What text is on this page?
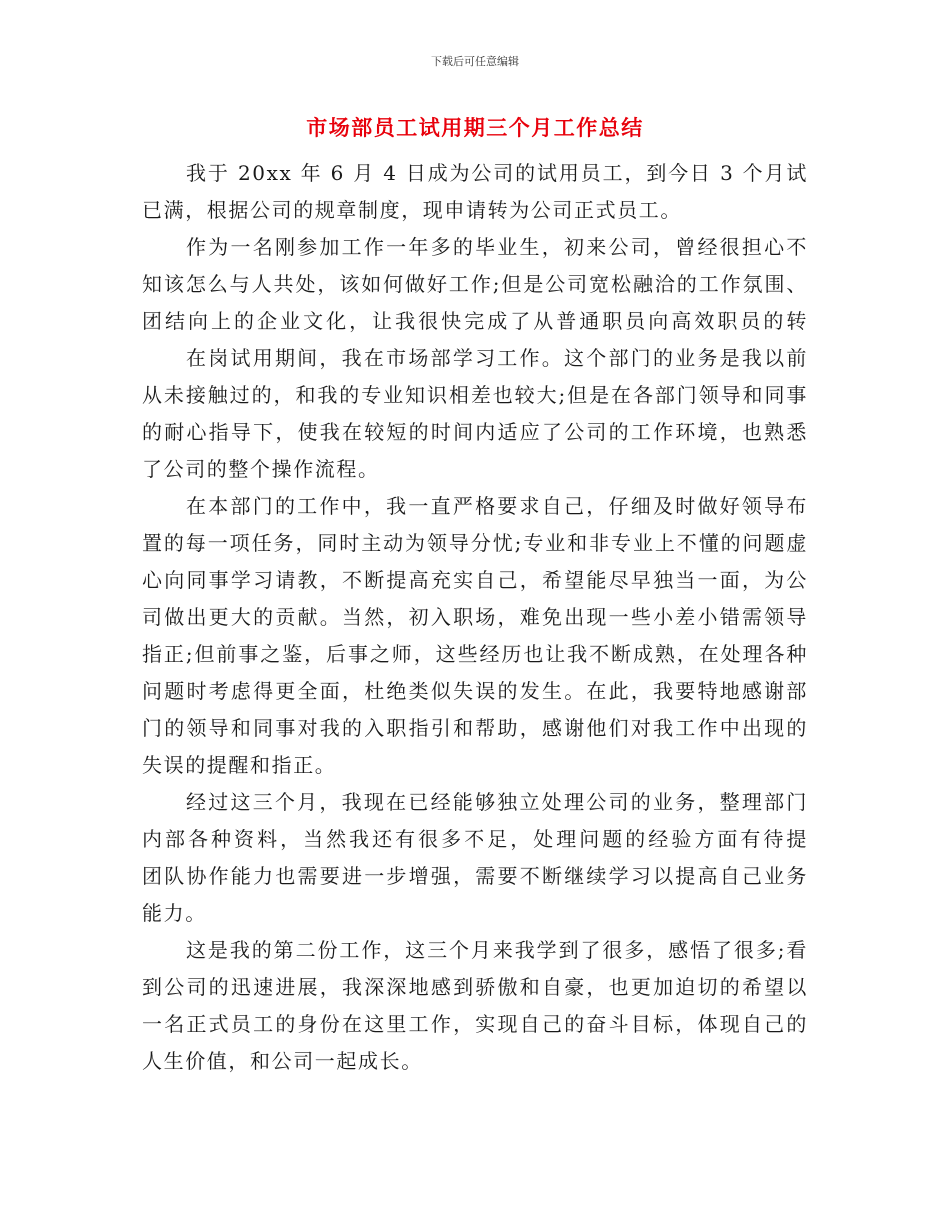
下载后可任意编辑
市场部员工试用期三个月工作总结
我于 20xx 年 6 月 4 日成为公司的试用员工，到今日 3 个月试
已满，根据公司的规章制度，现申请转为公司正式员工。
作为一名刚参加工作一年多的毕业生，初来公司，曾经很担心不
知该怎么与人共处，该如何做好工作;但是公司宽松融洽的工作氛围、
团结向上的企业文化，让我很快完成了从普通职员向高效职员的转
在岗试用期间，我在市场部学习工作。这个部门的业务是我以前
从未接触过的，和我的专业知识相差也较大;但是在各部门领导和同事
的耐心指导下，使我在较短的时间内适应了公司的工作环境，也熟悉
了公司的整个操作流程。
在本部门的工作中，我一直严格要求自己，仔细及时做好领导布
置的每一项任务，同时主动为领导分忧;专业和非专业上不懂的问题虚
心向同事学习请教，不断提高充实自己，希望能尽早独当一面，为公
司做出更大的贡献。当然，初入职场，难免出现一些小差小错需领导
指正;但前事之鉴，后事之师，这些经历也让我不断成熟，在处理各种
问题时考虑得更全面，杜绝类似失误的发生。在此，我要特地感谢部
门的领导和同事对我的入职指引和帮助，感谢他们对我工作中出现的
失误的提醒和指正。
经过这三个月，我现在已经能够独立处理公司的业务，整理部门
内部各种资料，当然我还有很多不足，处理问题的经验方面有待提
团队协作能力也需要进一步增强，需要不断继续学习以提高自己业务
能力。
这是我的第二份工作，这三个月来我学到了很多，感悟了很多;看
到公司的迅速进展，我深深地感到骄傲和自豪，也更加迫切的希望以
一名正式员工的身份在这里工作，实现自己的奋斗目标，体现自己的
人生价值，和公司一起成长。
